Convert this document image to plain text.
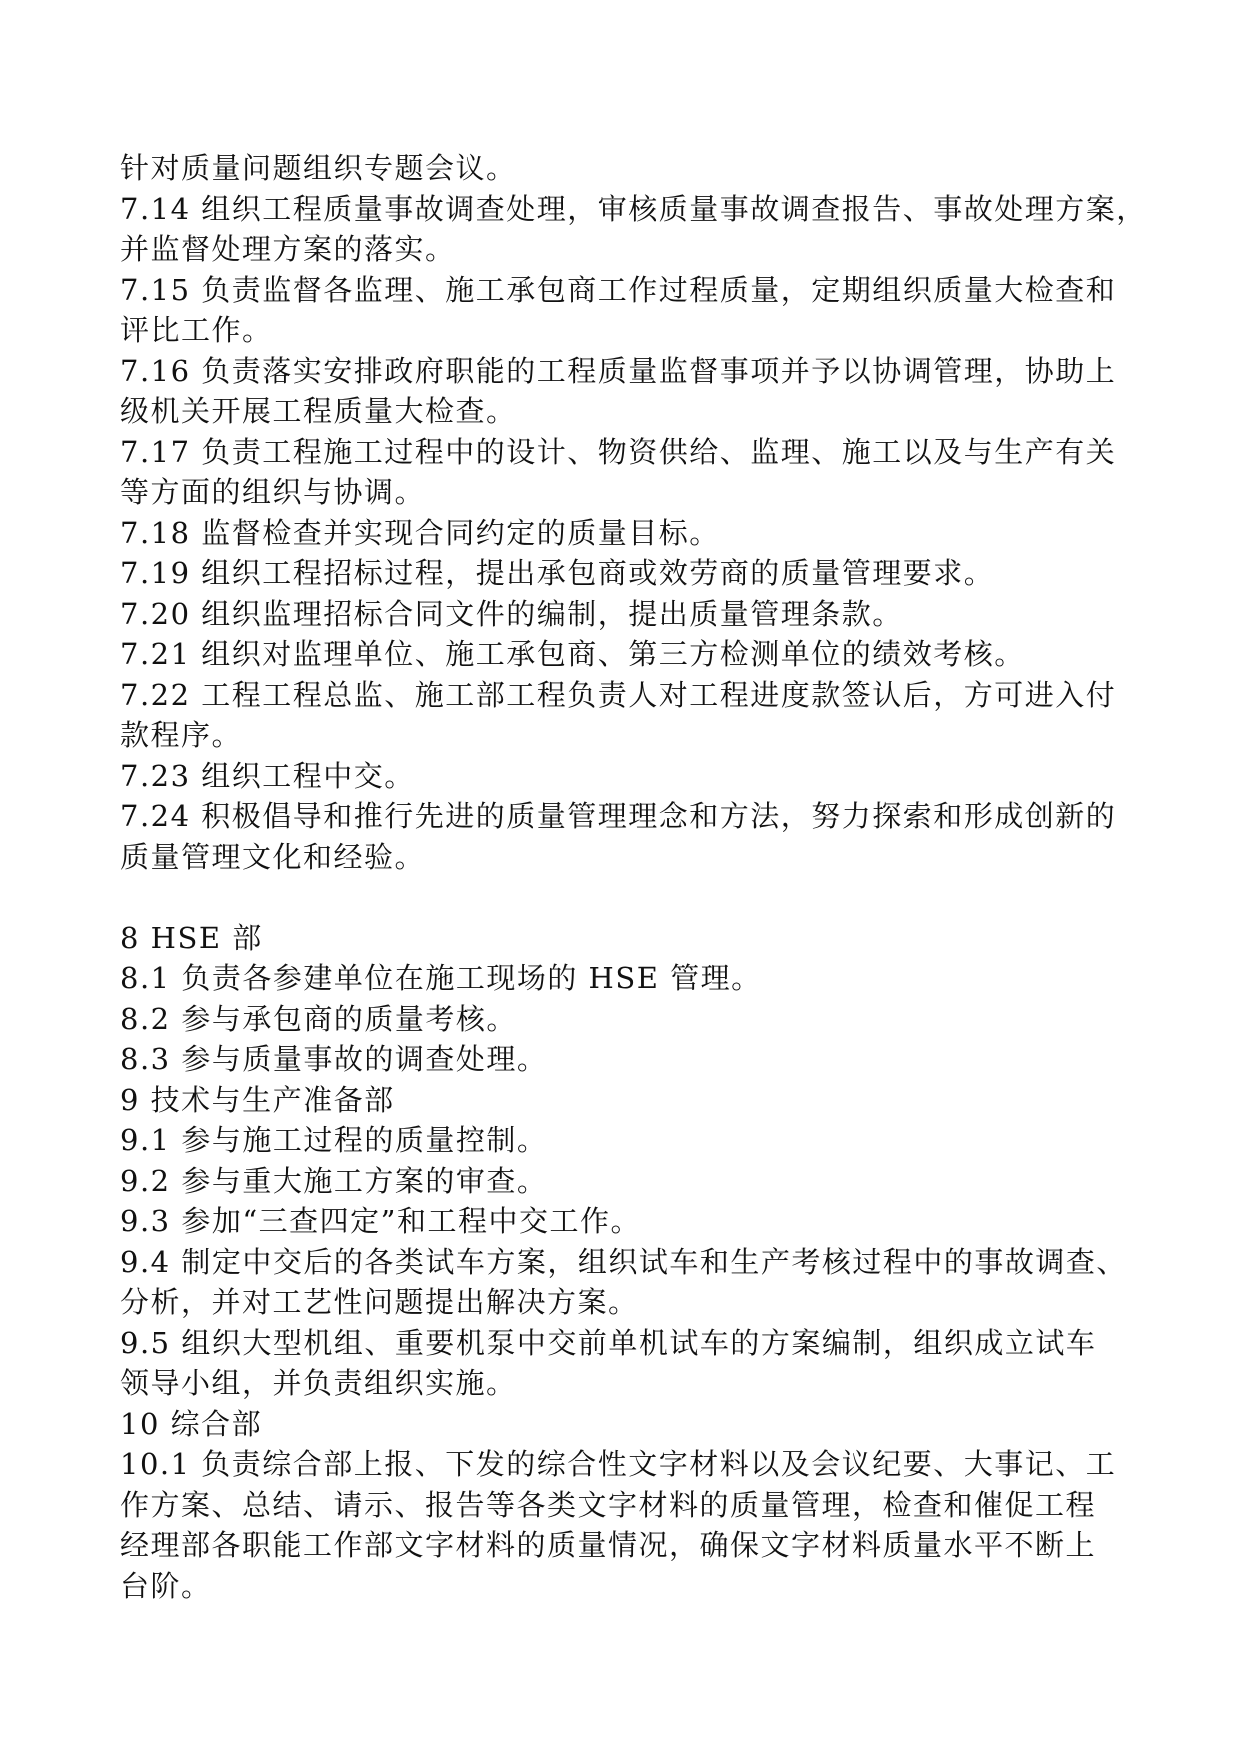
针对质量问题组织专题会议。
7.14 组织工程质量事故调查处理，审核质量事故调查报告、事故处理方案，
并监督处理方案的落实。
7.15 负责监督各监理、施工承包商工作过程质量，定期组织质量大检查和
评比工作。
7.16 负责落实安排政府职能的工程质量监督事项并予以协调管理，协助上
级机关开展工程质量大检查。
7.17 负责工程施工过程中的设计、物资供给、监理、施工以及与生产有关
等方面的组织与协调。
7.18 监督检查并实现合同约定的质量目标。
7.19 组织工程招标过程，提出承包商或效劳商的质量管理要求。
7.20 组织监理招标合同文件的编制，提出质量管理条款。
7.21 组织对监理单位、施工承包商、第三方检测单位的绩效考核。
7.22 工程工程总监、施工部工程负责人对工程进度款签认后，方可进入付
款程序。
7.23 组织工程中交。
7.24 积极倡导和推行先进的质量管理理念和方法，努力探索和形成创新的
质量管理文化和经验。
8 HSE 部
8.1 负责各参建单位在施工现场的 HSE 管理。
8.2 参与承包商的质量考核。
8.3 参与质量事故的调查处理。
9 技术与生产准备部
9.1 参与施工过程的质量控制。
9.2 参与重大施工方案的审查。
9.3 参加“三查四定”和工程中交工作。
9.4 制定中交后的各类试车方案，组织试车和生产考核过程中的事故调查、
分析，并对工艺性问题提出解决方案。
9.5 组织大型机组、重要机泵中交前单机试车的方案编制，组织成立试车
领导小组，并负责组织实施。
10 综合部
10.1 负责综合部上报、下发的综合性文字材料以及会议纪要、大事记、工
作方案、总结、请示、报告等各类文字材料的质量管理，检查和催促工程
经理部各职能工作部文字材料的质量情况，确保文字材料质量水平不断上
台阶。
